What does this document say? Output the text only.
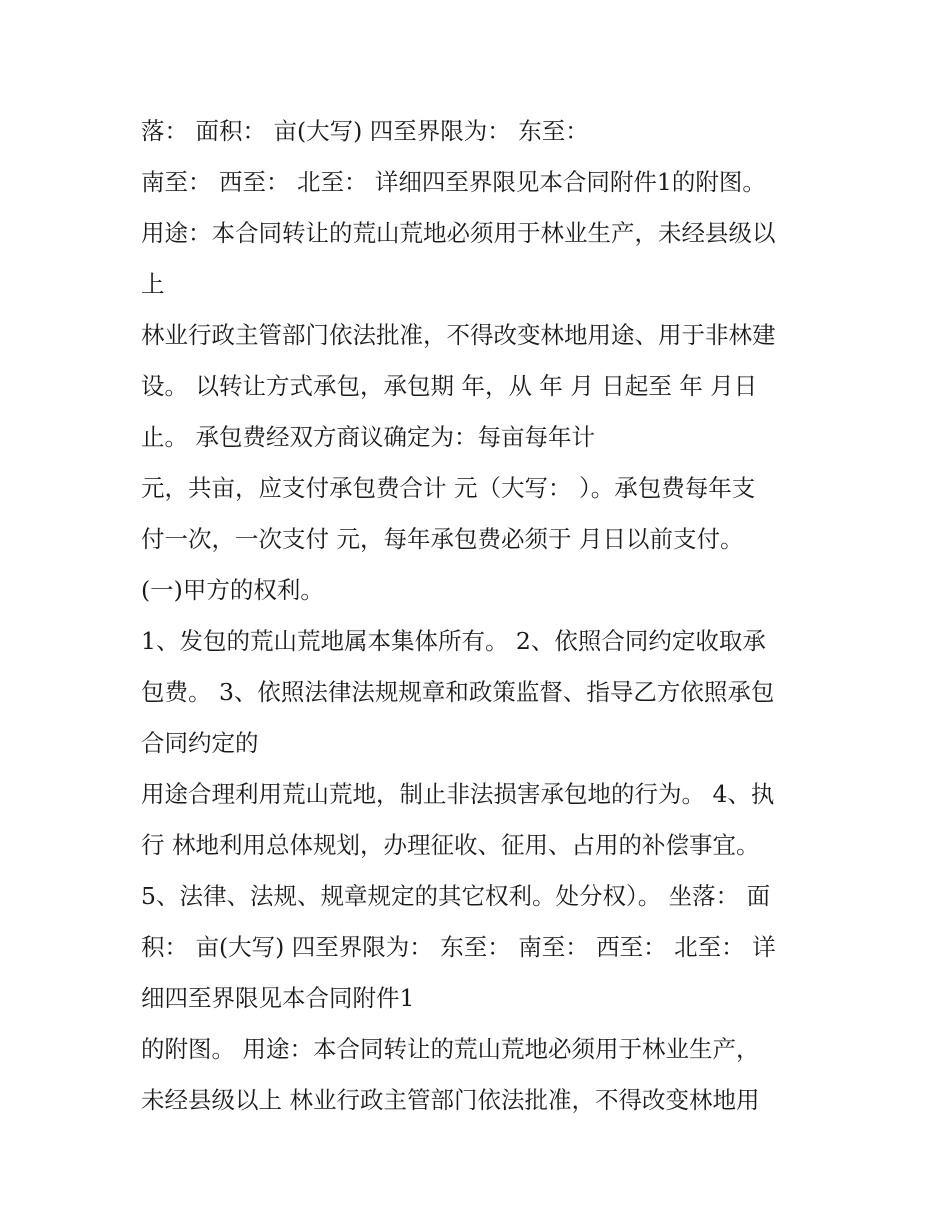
落： 面积： 亩(大写) 四至界限为： 东至：
南至： 西至： 北至： 详细四至界限见本合同附件1的附图。
用途：本合同转让的荒山荒地必须用于林业生产，未经县级以
上
林业行政主管部门依法批准，不得改变林地用途、用于非林建
设。 以转让方式承包，承包期 年，从 年 月 日起至 年 月日
止。 承包费经双方商议确定为：每亩每年计
元，共亩，应支付承包费合计 元（大写： ）。承包费每年支
付一次，一次支付 元，每年承包费必须于 月日以前支付。
(一)甲方的权利。
1、发包的荒山荒地属本集体所有。 2、依照合同约定收取承
包费。 3、依照法律法规规章和政策监督、指导乙方依照承包
合同约定的
用途合理利用荒山荒地，制止非法损害承包地的行为。 4、执
行 林地利用总体规划，办理征收、征用、占用的补偿事宜。
5、法律、法规、规章规定的其它权利。处分权）。 坐落： 面
积： 亩(大写) 四至界限为： 东至： 南至： 西至： 北至： 详
细四至界限见本合同附件1
的附图。 用途：本合同转让的荒山荒地必须用于林业生产，
未经县级以上 林业行政主管部门依法批准，不得改变林地用
